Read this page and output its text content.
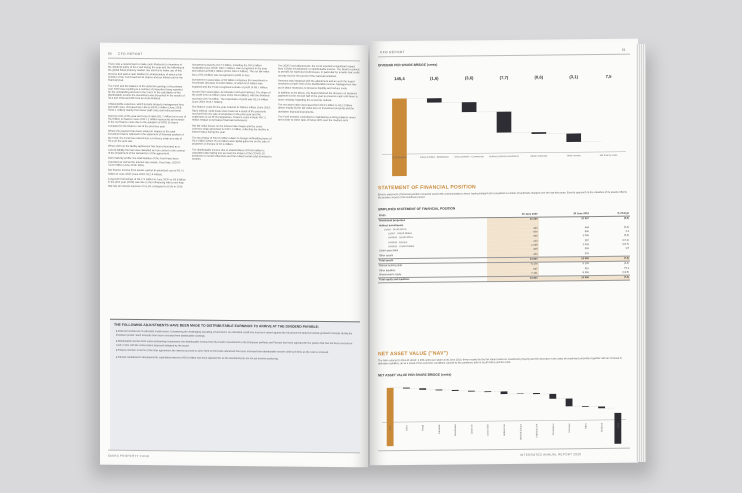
CFO REPORT
60

There was a requirement to make cash dividends to members of the dividend policy of the Fund during the year and the following of the global listed property market. We elected to make use of this process and paid a cash dividend to shareholders of which a full number of the Fund reached 31 shares and per linked unit for the financial year.

The Fund and the balance of the deferred earnings of Accelerate over 2020 was resulting in a number of properties being reported for the outstanding amount in the Fund. In the calculation of the distributable income the investment was presented in the results of 5/14 and 2019 and ASI 9.66 as a full dividend.

Unfavourable expenses, which include property management fees and staff costs, increased by 2.4% to R195.5 million (June 2019: R191.1 million) mainly from lower staff costs and reduced travel.

Interest costs of the year and cost of sales (R1.7 million) at a cost of R12 billion in finance costs of R17.2 million represents an increase in the net finance costs due to the adoption of IFRS 16 that is compared to the finance cost of the previous year.

Where the payment has been settled in relation to the total investment that is reflected in the statement of financial position of the Fund, the Fund has entered into a currency swap at a rate of R2.4 on the spot rate.

Where debt on the facility agreement has been presented as a current liability the loan was classified as non-current in the context of the impairment of the transaction of the agreement.

Debt maturity profile: the total facilities of the Fund have been extended as well as the interest rate swaps. Fixed rate: 2020 R 5,100 million (June 2019: 68%).

Net finance income from assets carried at amortised cost of R17.5 million to June 2020 (June 2019: R12.4 million).

Long-term borrowings of R3,771 million in June 2020 vs R3.8 billion in the prior year (2019) was due to the refinancing with a new loan that has an interest expense of 11.2% compared to 8.5% in 2019.

Investment property of R7.5 billion, including the R9.3 million revaluation loss (2019: R30.7 million), was recognised in the year and valued at R38.0 million (2019: R41.2 million). The net fair value loss of R1.8 billion was recognised in profit or loss.

Investment in associates of R2 billion comprises the investment in Accelerate (Europe) of R118 million, of which R10 million was impaired and the Fund recognised a share of profit of R9.7 million.

Income from associates, Accelerate Fund and Fairvest. The share of the profit is R2.4 million (June 2019: R4.9 million), with the dividend received of R7.9 million. The total share of profit was R12.4 million (June 2019: R13.7 million).

Our finance costs for the year reduced to R343.6 million (June 2019: R401 million). Debt levels were lower as a result of the proceeds received from the sale of properties in the prior year and the settlement of our MTN programme. Finance costs include R57.3 million related to derivative financial instruments.

Net fair value losses on the interest rate swaps and the cross-currency swap amounted to R137.7 million, reflecting the decline in interest rates during the year.

The tax charge of R12.9 million relates to foreign withholding taxes of R3.3 million (2019: R1.9 million) and capital gains tax on the sale of properties in Europe of R7.4 million.

The distributable income due to shareholders of R524 million is calculated after taking into account the impact of the COVID-19 lockdown on rental collections and the related rental relief provided to tenants.

The 2020 Fund adjustments: the Fund reported a significant impact from COVID-19 pandemic on distributable income. The Board resolved to provide for expected credit losses, in particular for tenants that could not pay rent for the period of the national lockdown.

Revenue was impacted with the adjustment and as such the board resolved to retain 50% of the distributable income. Management has put in place measures to preserve liquidity and reduce costs.

In addition to the above, the Board deferred the decision on dividend payment for the second half of the year to preserve cash until there is more certainty regarding the economic outlook.

The net asset value decreased from R13.5 billion to R12.2 billion driven mainly by the fair value loss on investment property and the derivative financial instruments.

The Fund remains committed to maintaining a strong balance sheet and a loan-to-value ratio of below 40% over the medium term.

THE FOLLOWING ADJUSTMENTS HAVE BEEN MADE TO DISTRIBUTABLE EARNINGS TO ARRIVE AT THE DIVIDEND PAYABLE:
■ Deferred rentals net of estimated credit losses: Considering the challenging operating environment, an estimated credit loss has been raised against the full amount of deferred rentals granted to tenants during the lockdown period. Such amounts have been excluded from distributable earnings.
■ Distributable income from under-performing investments: the distributable income from the Fund's investments in the European portfolio and Fairvest has been adjusted for the portion that has not been received in cash, in line with the conservative approach adopted by the board.
■ Finance income: in terms of the loan agreement, the interest accrued to June 2020 on the loans advanced has been excluded from distributable income until such time as the cash is received.
■ Interest capitalised to developments: capitalised interest of R3.8 million has been adjusted for as the developments are not yet income producing.
EMIRA PROPERTY FUND
CFO REPORT
61
DIVIDEND PER SHARE BRIDGE (cents)
145,4
2019 dividend
(1,6)
Direct portfolio - Residential
(3,6)
Direct portfolio - Commercial
(7,7)
Indirect property investments
(0,6)
Admin expenses
(3,1)
Other income
7,5
Net finance costs
STATEMENT OF FINANCIAL POSITION

Emira's statement of financial position remained sound with a strong balance sheet, having initiated and completed a number of landmark changes over the last few years. Emira's approach to the valuation of its assets reflects the positive impact of the lockdown period.

SIMPLIFIED STATEMENT OF FINANCIAL POSITION
R'000	30 June 2020	30 June 2019	% change
Investment properties	10 260	10 967	(6,5)
Indirect investments			
Listed - South Africa	443	444	(0,2)
Listed - United States	579	560	3,4
Unlisted - South Africa	996	1 099	(9,4)
Unlisted - Europe	213	257	(17,1)
Unlisted - United States	1 635	1 963	(16,7)
Listed associates	405	399	1,5
Other assets	422	291	
Total assets	13 864	14 950	(7,3)
Interest bearing debt	5 179	5 299	(2,3)
Other liabilities	547	316	73,1
Shareholders equity	7 141	8 356	(14,5)
Total equity and liabilities	13 864	14 950	(7,3)
NET ASSET VALUE ("NAV")

The NAV reduced to R14,40 (2019: 1 305 cents) per share at 30 June 2020, driven mainly by the fair value losses on investment property and the decrease in the value of investment properties together with an increase in derivative liabilities, all as a result of the economic conditions caused by the pandemic both in South Africa and the USA.

NET ASSET VALUE PER SHARE BRIDGE (cents)
2019	Office	Retail	Industrial	Residential	Listed SA	Listed USA	Unlisted SA	Unlisted Europe	Unlisted USA	Derivatives	Currency	Other	Dividend	2020
INTEGRATED ANNUAL REPORT 2020
